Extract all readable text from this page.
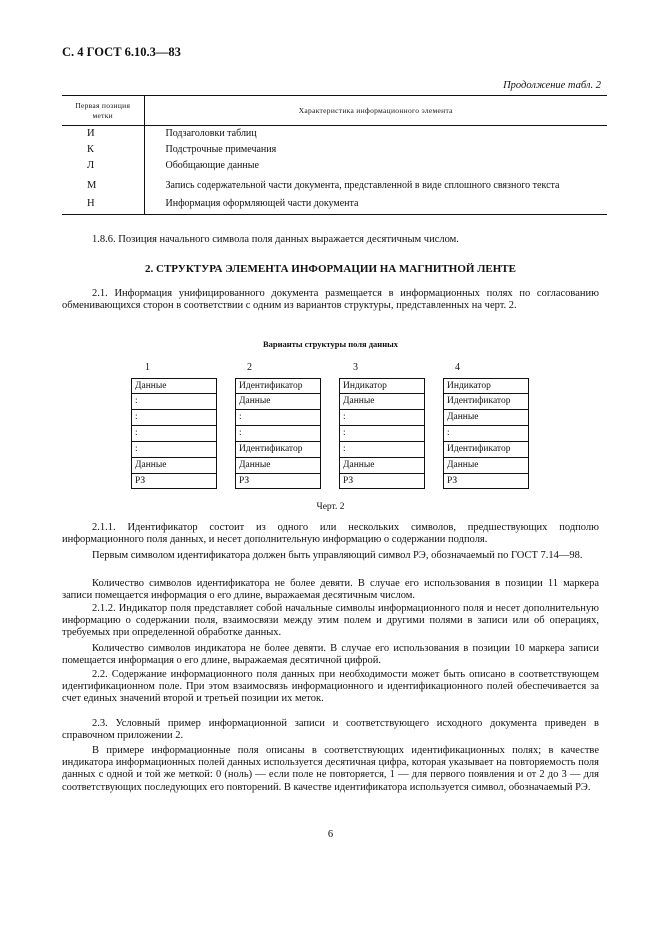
С. 4 ГОСТ 6.10.3—83
Продолжение табл. 2
Первая позиция метки	Характеристика информационного элемента
И	Подзаголовки таблиц
К	Подстрочные примечания
Л	Обобщающие данные
М	Запись содержательной части документа, представленной в виде сплошного связного текста
Н	Информация оформляющей части документа
1.8.6. Позиция начального символа поля данных выражается десятичным числом.
2. СТРУКТУРА ЭЛЕМЕНТА ИНФОРМАЦИИ НА МАГНИТНОЙ ЛЕНТЕ
2.1. Информация унифицированного документа размещается в информационных полях по согласованию обменивающихся сторон в соответствии с одним из вариантов структуры, представленных на черт. 2.
Варианты структуры поля данных
1	2	3	4
Данные
:
:
:
:
Данные
РЗ
Идентификатор
Данные
:
:
Идентификатор
Данные
РЗ
Индикатор
Данные
:
:
:
Данные
РЗ
Индикатор
Идентификатор
Данные
:
Идентификатор
Данные
РЗ
Черт. 2
2.1.1. Идентификатор состоит из одного или нескольких символов, предшествующих подполю информационного поля данных, и несет дополнительную информацию о содержании подполя.
Первым символом идентификатора должен быть управляющий символ РЭ, обозначаемый по ГОСТ 7.14—98.
Количество символов идентификатора не более девяти. В случае его использования в позиции 11 маркера записи помещается информация о его длине, выражаемая десятичным числом.
2.1.2. Индикатор поля представляет собой начальные символы информационного поля и несет дополнительную информацию о содержании поля, взаимосвязи между этим полем и другими полями в записи или об операциях, требуемых при определенной обработке данных.
Количество символов индикатора не более девяти. В случае его использования в позиции 10 маркера записи помещается информация о его длине, выражаемая десятичной цифрой.
2.2. Содержание информационного поля данных при необходимости может быть описано в соответствующем идентификационном поле. При этом взаимосвязь информационного и идентификационного полей обеспечивается за счет единых значений второй и третьей позиции их меток.
2.3. Условный пример информационной записи и соответствующего исходного документа приведен в справочном приложении 2.
В примере информационные поля описаны в соответствующих идентификационных полях; в качестве индикатора информационных полей данных используется десятичная цифра, которая указывает на повторяемость поля данных с одной и той же меткой: 0 (ноль) — если поле не повторяется, 1 — для первого появления и от 2 до 3 — для соответствующих последующих его повторений. В качестве идентификатора используется символ, обозначаемый РЭ.
6
